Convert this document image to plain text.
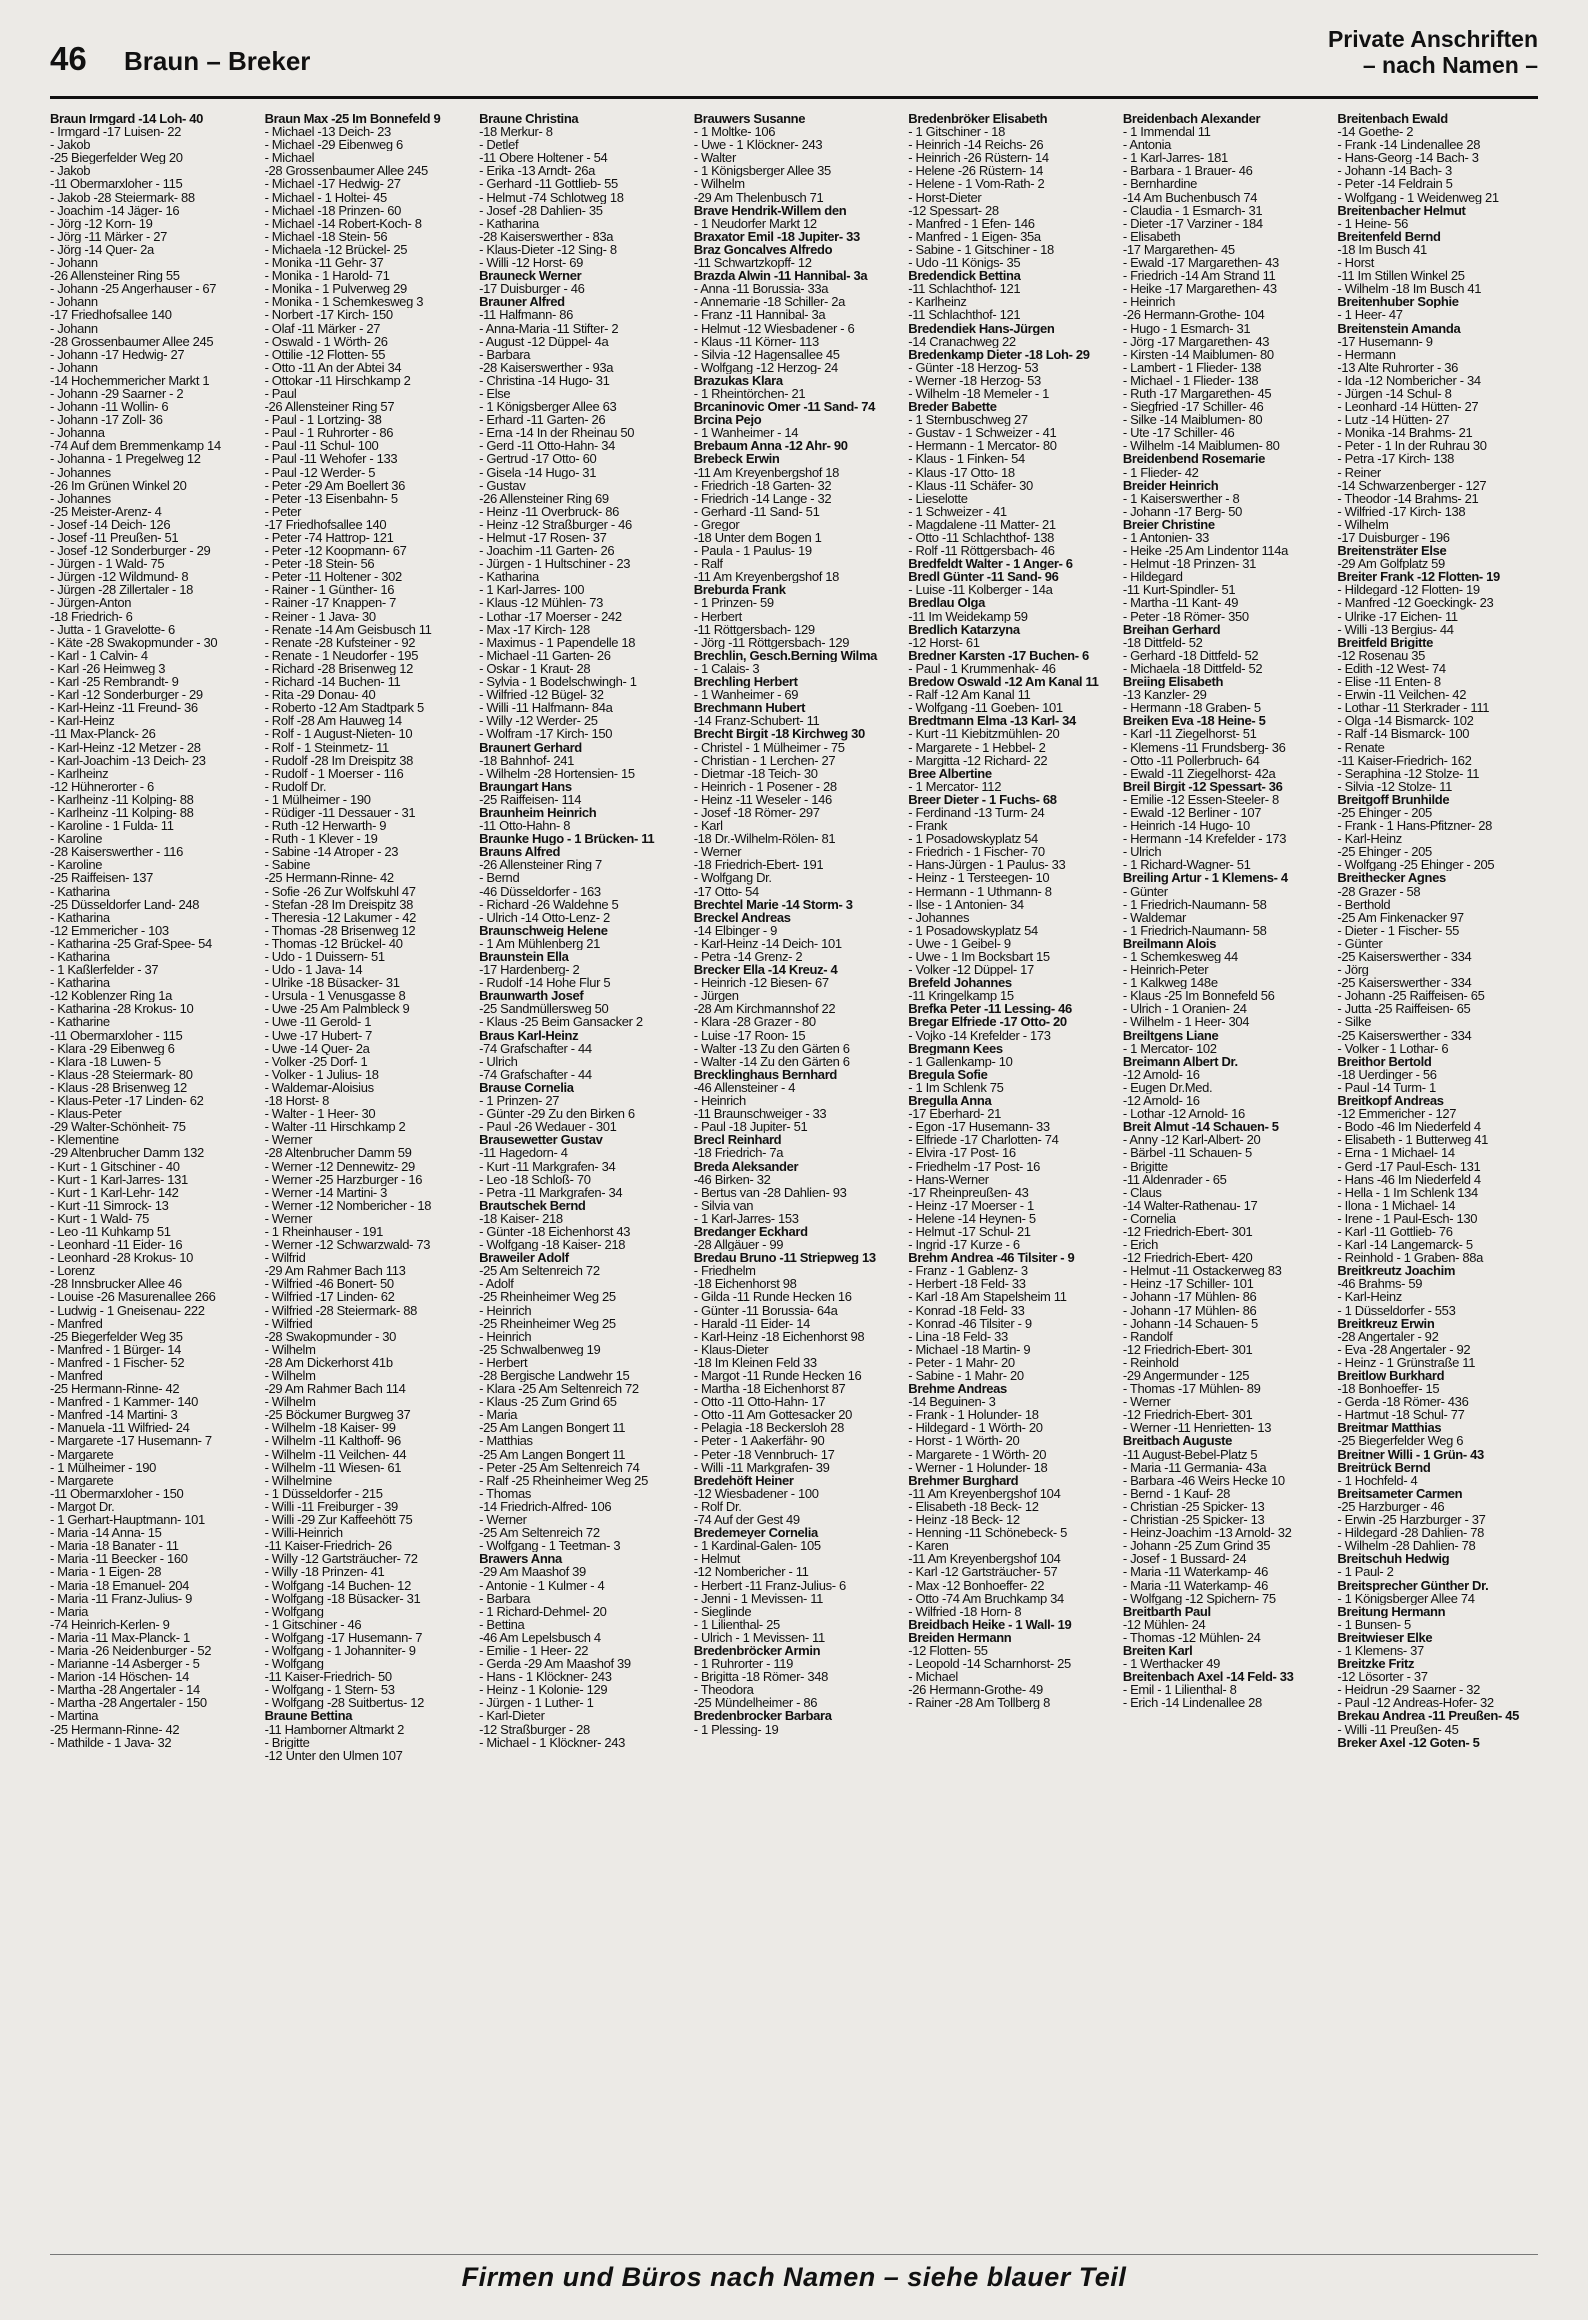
46 Braun – Breker
Private Anschriften
– nach Namen –
Braun Irmgard -14 Loh- 40
- Irmgard -17 Luisen- 22
- Jakob
-25 Biegerfelder Weg 20
- Jakob
-11 Obermarxloher - 115
- Jakob -28 Steiermark- 88
- Joachim -14 Jäger- 16
- Jörg -12 Korn- 19
- Jörg -11 Märker - 27
- Jörg -14 Quer- 2a
- Johann
-26 Allensteiner Ring 55
- Johann -25 Angerhauser - 67
- Johann
-17 Friedhofsallee 140
- Johann
-28 Grossenbaumer Allee 245
- Johann -17 Hedwig- 27
- Johann
-14 Hochemmericher Markt 1
- Johann -29 Saarner - 2
- Johann -11 Wollin- 6
- Johann -17 Zoll- 36
- Johanna
-74 Auf dem Bremmenkamp 14
- Johanna - 1 Pregelweg 12
- Johannes
-26 Im Grünen Winkel 20
- Johannes
-25 Meister-Arenz- 4
- Josef -14 Deich- 126
- Josef -11 Preußen- 51
- Josef -12 Sonderburger - 29
- Jürgen - 1 Wald- 75
- Jürgen -12 Wildmund- 8
- Jürgen -28 Zillertaler - 18
- Jürgen-Anton
-18 Friedrich- 6
- Jutta - 1 Gravelotte- 6
- Käte -28 Swakopmunder - 30
- Karl - 1 Calvin- 4
- Karl -26 Heimweg 3
- Karl -25 Rembrandt- 9
- Karl -12 Sonderburger - 29
- Karl-Heinz -11 Freund- 36
- Karl-Heinz
-11 Max-Planck- 26
- Karl-Heinz -12 Metzer - 28
- Karl-Joachim -13 Deich- 23
- Karlheinz
-12 Hühnerorter - 6
- Karlheinz -11 Kolping- 88
- Karlheinz -11 Kolping- 88
- Karoline - 1 Fulda- 11
- Karoline
-28 Kaiserswerther - 116
- Karoline
-25 Raiffeisen- 137
- Katharina
-25 Düsseldorfer Land- 248
- Katharina
-12 Emmericher - 103
- Katharina -25 Graf-Spee- 54
- Katharina
- 1 Kaßlerfelder - 37
- Katharina
-12 Koblenzer Ring 1a
- Katharina -28 Krokus- 10
- Katharine
-11 Obermarxloher - 115
- Klara -29 Eibenweg 6
- Klara -18 Luwen- 5
- Klaus -28 Steiermark- 80
- Klaus -28 Brisenweg 12
- Klaus-Peter -17 Linden- 62
- Klaus-Peter
-29 Walter-Schönheit- 75
- Klementine
-29 Altenbrucher Damm 132
- Kurt - 1 Gitschiner - 40
- Kurt - 1 Karl-Jarres- 131
- Kurt - 1 Karl-Lehr- 142
- Kurt -11 Simrock- 13
- Kurt - 1 Wald- 75
- Leo -11 Kuhkamp 51
- Leonhard -11 Eider- 16
- Leonhard -28 Krokus- 10
- Lorenz
-28 Innsbrucker Allee 46
- Louise -26 Masurenallee 266
- Ludwig - 1 Gneisenau- 222
- Manfred
-25 Biegerfelder Weg 35
- Manfred - 1 Bürger- 14
- Manfred - 1 Fischer- 52
- Manfred
-25 Hermann-Rinne- 42
- Manfred - 1 Kammer- 140
- Manfred -14 Martini- 3
- Manuela -11 Wilfried- 24
- Margarete -17 Husemann- 7
- Margarete
- 1 Mülheimer - 190
- Margarete
-11 Obermarxloher - 150
- Margot Dr.
- 1 Gerhart-Hauptmann- 101
- Maria -14 Anna- 15
- Maria -18 Banater - 11
- Maria -11 Beecker - 160
- Maria - 1 Eigen- 28
- Maria -18 Emanuel- 204
- Maria -11 Franz-Julius- 9
- Maria
-74 Heinrich-Kerlen- 9
- Maria -11 Max-Planck- 1
- Maria -26 Neidenburger - 52
- Marianne -14 Asberger - 5
- Marion -14 Höschen- 14
- Martha -28 Angertaler - 14
- Martha -28 Angertaler - 150
- Martina
-25 Hermann-Rinne- 42
- Mathilde - 1 Java- 32
Braun Max -25 Im Bonnefeld 9
- Michael -13 Deich- 23
- Michael -29 Eibenweg 6
- Michael
-28 Grossenbaumer Allee 245
- Michael -17 Hedwig- 27
- Michael - 1 Holtei- 45
- Michael -18 Prinzen- 60
- Michael -14 Robert-Koch- 8
- Michael -18 Stein- 56
- Michaela -12 Brückel- 25
- Monika -11 Gehr- 37
- Monika - 1 Harold- 71
- Monika - 1 Pulverweg 29
- Monika - 1 Schemkesweg 3
- Norbert -17 Kirch- 150
- Olaf -11 Märker - 27
- Oswald - 1 Wörth- 26
- Ottilie -12 Flotten- 55
- Otto -11 An der Abtei 34
- Ottokar -11 Hirschkamp 2
- Paul
-26 Allensteiner Ring 57
- Paul - 1 Lortzing- 38
- Paul - 1 Ruhrorter - 86
- Paul -11 Schul- 100
- Paul -11 Wehofer - 133
- Paul -12 Werder- 5
- Peter -29 Am Boellert 36
- Peter -13 Eisenbahn- 5
- Peter
-17 Friedhofsallee 140
- Peter -74 Hattrop- 121
- Peter -12 Koopmann- 67
- Peter -18 Stein- 56
- Peter -11 Holtener - 302
- Rainer - 1 Günther- 16
- Rainer -17 Knappen- 7
- Reiner - 1 Java- 30
- Renate -14 Am Geisbusch 11
- Renate -28 Kufsteiner - 92
- Renate - 1 Neudorfer - 195
- Richard -28 Brisenweg 12
- Richard -14 Buchen- 11
- Rita -29 Donau- 40
- Roberto -12 Am Stadtpark 5
- Rolf -28 Am Hauweg 14
- Rolf - 1 August-Nieten- 10
- Rolf - 1 Steinmetz- 11
- Rudolf -28 Im Dreispitz 38
- Rudolf - 1 Moerser - 116
- Rudolf Dr.
- 1 Mülheimer - 190
- Rüdiger -11 Dessauer - 31
- Ruth -12 Herwarth- 9
- Ruth - 1 Klever - 19
- Sabine -14 Atroper - 23
- Sabine
-25 Hermann-Rinne- 42
- Sofie -26 Zur Wolfskuhl 47
- Stefan -28 Im Dreispitz 38
- Theresia -12 Lakumer - 42
- Thomas -28 Brisenweg 12
- Thomas -12 Brückel- 40
- Udo - 1 Duissern- 51
- Udo - 1 Java- 14
- Ulrike -18 Büsacker- 31
- Ursula - 1 Venusgasse 8
- Uwe -25 Am Palmbleck 9
- Uwe -11 Gerold- 1
- Uwe -17 Hubert- 7
- Uwe -14 Quer- 2a
- Volker -25 Dorf- 1
- Volker - 1 Julius- 18
- Waldemar-Aloisius
-18 Horst- 8
- Walter - 1 Heer- 30
- Walter -11 Hirschkamp 2
- Werner
-28 Altenbrucher Damm 59
- Werner -12 Dennewitz- 29
- Werner -25 Harzburger - 16
- Werner -14 Martini- 3
- Werner -12 Nombericher - 18
- Werner
- 1 Rheinhauser - 191
- Werner -12 Schwarzwald- 73
- Wilfrid
-29 Am Rahmer Bach 113
- Wilfried -46 Bonert- 50
- Wilfried -17 Linden- 62
- Wilfried -28 Steiermark- 88
- Wilfried
-28 Swakopmunder - 30
- Wilhelm
-28 Am Dickerhorst 41b
- Wilhelm
-29 Am Rahmer Bach 114
- Wilhelm
-25 Böckumer Burgweg 37
- Wilhelm -18 Kaiser- 99
- Wilhelm -11 Kalthoff- 96
- Wilhelm -11 Veilchen- 44
- Wilhelm -11 Wiesen- 61
- Wilhelmine
- 1 Düsseldorfer - 215
- Willi -11 Freiburger - 39
- Willi -29 Zur Kaffeehött 75
- Willi-Heinrich
-11 Kaiser-Friedrich- 26
- Willy -12 Gartsträucher- 72
- Willy -18 Prinzen- 41
- Wolfgang -14 Buchen- 12
- Wolfgang -18 Büsacker- 31
- Wolfgang
- 1 Gitschiner - 46
- Wolfgang -17 Husemann- 7
- Wolfgang - 1 Johanniter- 9
- Wolfgang
-11 Kaiser-Friedrich- 50
- Wolfgang - 1 Stern- 53
- Wolfgang -28 Suitbertus- 12
Braune Bettina
-11 Hamborner Altmarkt 2
- Brigitte
-12 Unter den Ulmen 107
Braune Christina
-18 Merkur- 8
- Detlef
-11 Obere Holtener - 54
- Erika -13 Arndt- 26a
- Gerhard -11 Gottlieb- 55
- Helmut -74 Schlotweg 18
- Josef -28 Dahlien- 35
- Katharina
-28 Kaiserswerther - 83a
- Klaus-Dieter -12 Sing- 8
- Willi -12 Horst- 69
Brauneck Werner
-17 Duisburger - 46
Brauner Alfred
-11 Halfmann- 86
- Anna-Maria -11 Stifter- 2
- August -12 Düppel- 4a
- Barbara
-28 Kaiserswerther - 93a
- Christina -14 Hugo- 31
- Else
- 1 Königsberger Allee 63
- Erhard -11 Garten- 26
- Erna -14 In der Rheinau 50
- Gerd -11 Otto-Hahn- 34
- Gertrud -17 Otto- 60
- Gisela -14 Hugo- 31
- Gustav
-26 Allensteiner Ring 69
- Heinz -11 Overbruck- 86
- Heinz -12 Straßburger - 46
- Helmut -17 Rosen- 37
- Joachim -11 Garten- 26
- Jürgen - 1 Hultschiner - 23
- Katharina
- 1 Karl-Jarres- 100
- Klaus -12 Mühlen- 73
- Lothar -17 Moerser - 242
- Max -17 Kirch- 128
- Maximus - 1 Papendelle 18
- Michael -11 Garten- 26
- Oskar - 1 Kraut- 28
- Sylvia - 1 Bodelschwingh- 1
- Wilfried -12 Bügel- 32
- Willi -11 Halfmann- 84a
- Willy -12 Werder- 25
- Wolfram -17 Kirch- 150
Braunert Gerhard
-18 Bahnhof- 241
- Wilhelm -28 Hortensien- 15
Braungart Hans
-25 Raiffeisen- 114
Braunheim Heinrich
-11 Otto-Hahn- 8
Braunke Hugo - 1 Brücken- 11
Brauns Alfred
-26 Allensteiner Ring 7
- Bernd
-46 Düsseldorfer - 163
- Richard -26 Waldehne 5
- Ulrich -14 Otto-Lenz- 2
Braunschweig Helene
- 1 Am Mühlenberg 21
Braunstein Ella
-17 Hardenberg- 2
- Rudolf -14 Hohe Flur 5
Braunwarth Josef
-25 Sandmüllersweg 50
- Klaus -25 Beim Gansacker 2
Braus Karl-Heinz
-74 Grafschafter - 44
- Ulrich
-74 Grafschafter - 44
Brause Cornelia
- 1 Prinzen- 27
- Günter -29 Zu den Birken 6
- Paul -26 Wedauer - 301
Brausewetter Gustav
-11 Hagedorn- 4
- Kurt -11 Markgrafen- 34
- Leo -18 Schloß- 70
- Petra -11 Markgrafen- 34
Brautschek Bernd
-18 Kaiser- 218
- Günter -18 Eichenhorst 43
- Wolfgang -18 Kaiser- 218
Braweiler Adolf
-25 Am Seltenreich 72
- Adolf
-25 Rheinheimer Weg 25
- Heinrich
-25 Rheinheimer Weg 25
- Heinrich
-25 Schwalbenweg 19
- Herbert
-28 Bergische Landwehr 15
- Klara -25 Am Seltenreich 72
- Klaus -25 Zum Grind 65
- Maria
-25 Am Langen Bongert 11
- Matthias
-25 Am Langen Bongert 11
- Peter -25 Am Seltenreich 74
- Ralf -25 Rheinheimer Weg 25
- Thomas
-14 Friedrich-Alfred- 106
- Werner
-25 Am Seltenreich 72
- Wolfgang - 1 Teetman- 3
Brawers Anna
-29 Am Maashof 39
- Antonie - 1 Kulmer - 4
- Barbara
- 1 Richard-Dehmel- 20
- Bettina
-46 Am Lepelsbusch 4
- Emilie - 1 Heer- 22
- Gerda -29 Am Maashof 39
- Hans - 1 Klöckner- 243
- Heinz - 1 Kolonie- 129
- Jürgen - 1 Luther- 1
- Karl-Dieter
-12 Straßburger - 28
- Michael - 1 Klöckner- 243
Brauwers Susanne
- 1 Moltke- 106
- Uwe - 1 Klöckner- 243
- Walter
- 1 Königsberger Allee 35
- Wilhelm
-29 Am Thelenbusch 71
Brave Hendrik-Willem den
- 1 Neudorfer Markt 12
Braxator Emil -18 Jupiter- 33
Braz Goncalves Alfredo
-11 Schwartzkopff- 12
Brazda Alwin -11 Hannibal- 3a
- Anna -11 Borussia- 33a
- Annemarie -18 Schiller- 2a
- Franz -11 Hannibal- 3a
- Helmut -12 Wiesbadener - 6
- Klaus -11 Körner- 113
- Silvia -12 Hagensallee 45
- Wolfgang -12 Herzog- 24
Brazukas Klara
- 1 Rheintörchen- 21
Brcaninovic Omer -11 Sand- 74
Brcina Pejo
- 1 Wanheimer - 14
Brebaum Anna -12 Ahr- 90
Brebeck Erwin
-11 Am Kreyenbergshof 18
- Friedrich -18 Garten- 32
- Friedrich -14 Lange - 32
- Gerhard -11 Sand- 51
- Gregor
-18 Unter dem Bogen 1
- Paula - 1 Paulus- 19
- Ralf
-11 Am Kreyenbergshof 18
Breburda Frank
- 1 Prinzen- 59
- Herbert
-11 Röttgersbach- 129
- Jörg -11 Röttgersbach- 129
Brechlin, Gesch.Berning Wilma
- 1 Calais- 3
Brechling Herbert
- 1 Wanheimer - 69
Brechmann Hubert
-14 Franz-Schubert- 11
Brecht Birgit -18 Kirchweg 30
- Christel - 1 Mülheimer - 75
- Christian - 1 Lerchen- 27
- Dietmar -18 Teich- 30
- Heinrich - 1 Posener - 28
- Heinz -11 Weseler - 146
- Josef -18 Römer- 297
- Karl
-18 Dr.-Wilhelm-Rölen- 81
- Werner
-18 Friedrich-Ebert- 191
- Wolfgang Dr.
-17 Otto- 54
Brechtel Marie -14 Storm- 3
Breckel Andreas
-14 Elbinger - 9
- Karl-Heinz -14 Deich- 101
- Petra -14 Grenz- 2
Brecker Ella -14 Kreuz- 4
- Heinrich -12 Biesen- 67
- Jürgen
-28 Am Kirchmannshof 22
- Klara -28 Grazer - 80
- Luise -17 Roon- 15
- Walter -13 Zu den Gärten 6
- Walter -14 Zu den Gärten 6
Brecklinghaus Bernhard
-46 Allensteiner - 4
- Heinrich
-11 Braunschweiger - 33
- Paul -18 Jupiter- 51
Brecl Reinhard
-18 Friedrich- 7a
Breda Aleksander
-46 Birken- 32
- Bertus van -28 Dahlien- 93
- Silvia van
- 1 Karl-Jarres- 153
Bredanger Eckhard
-28 Allgäuer - 99
Bredau Bruno -11 Striepweg 13
- Friedhelm
-18 Eichenhorst 98
- Gilda -11 Runde Hecken 16
- Günter -11 Borussia- 64a
- Harald -11 Eider- 14
- Karl-Heinz -18 Eichenhorst 98
- Klaus-Dieter
-18 Im Kleinen Feld 33
- Margot -11 Runde Hecken 16
- Martha -18 Eichenhorst 87
- Otto -11 Otto-Hahn- 17
- Otto -11 Am Gottesacker 20
- Pelagia -18 Beckersloh 28
- Peter - 1 Aakerfähr- 90
- Peter -18 Vennbruch- 17
- Willi -11 Markgrafen- 39
Bredehöft Heiner
-12 Wiesbadener - 100
- Rolf Dr.
-74 Auf der Gest 49
Bredemeyer Cornelia
- 1 Kardinal-Galen- 105
- Helmut
-12 Nombericher - 11
- Herbert -11 Franz-Julius- 6
- Jenni - 1 Mevissen- 11
- Sieglinde
- 1 Lilienthal- 25
- Ulrich - 1 Mevissen- 11
Bredenbröcker Armin
- 1 Ruhrorter - 119
- Brigitta -18 Römer- 348
- Theodora
-25 Mündelheimer - 86
Bredenbrocker Barbara
- 1 Plessing- 19
Bredenbröker Elisabeth
- 1 Gitschiner - 18
- Heinrich -14 Reichs- 26
- Heinrich -26 Rüstern- 14
- Helene -26 Rüstern- 14
- Helene - 1 Vom-Rath- 2
- Horst-Dieter
-12 Spessart- 28
- Manfred - 1 Efen- 146
- Manfred - 1 Eigen- 35a
- Sabine - 1 Gitschiner - 18
- Udo -11 Königs- 35
Bredendick Bettina
-11 Schlachthof- 121
- Karlheinz
-11 Schlachthof- 121
Bredendiek Hans-Jürgen
-14 Cranachweg 22
Bredenkamp Dieter -18 Loh- 29
- Günter -18 Herzog- 53
- Werner -18 Herzog- 53
- Wilhelm -18 Memeler - 1
Breder Babette
- 1 Sternbuschweg 27
- Gustav - 1 Schweizer - 41
- Hermann - 1 Mercator- 80
- Klaus - 1 Finken- 54
- Klaus -17 Otto- 18
- Klaus -11 Schäfer- 30
- Lieselotte
- 1 Schweizer - 41
- Magdalene -11 Matter- 21
- Otto -11 Schlachthof- 138
- Rolf -11 Röttgersbach- 46
Bredfeldt Walter - 1 Anger- 6
Bredl Günter -11 Sand- 96
- Luise -11 Kolberger - 14a
Bredlau Olga
-11 Im Weidekamp 59
Bredlich Katarzyna
-12 Horst- 61
Bredner Karsten -17 Buchen- 6
- Paul - 1 Krummenhak- 46
Bredow Oswald -12 Am Kanal 11
- Ralf -12 Am Kanal 11
- Wolfgang -11 Goeben- 101
Bredtmann Elma -13 Karl- 34
- Kurt -11 Kiebitzmühlen- 20
- Margarete - 1 Hebbel- 2
- Margitta -12 Richard- 22
Bree Albertine
- 1 Mercator- 112
Breer Dieter - 1 Fuchs- 68
- Ferdinand -13 Turm- 24
- Frank
- 1 Posadowskyplatz 54
- Friedrich - 1 Fischer- 70
- Hans-Jürgen - 1 Paulus- 33
- Heinz - 1 Tersteegen- 10
- Hermann - 1 Uthmann- 8
- Ilse - 1 Antonien- 34
- Johannes
- 1 Posadowskyplatz 54
- Uwe - 1 Geibel- 9
- Uwe - 1 Im Bocksbart 15
- Volker -12 Düppel- 17
Brefeld Johannes
-11 Kringelkamp 15
Brefka Peter -11 Lessing- 46
Bregar Elfriede -17 Otto- 20
- Vojko -14 Krefelder - 173
Bregmann Kees
- 1 Gallenkamp- 10
Bregula Sofie
- 1 Im Schlenk 75
Bregulla Anna
-17 Eberhard- 21
- Egon -17 Husemann- 33
- Elfriede -17 Charlotten- 74
- Elvira -17 Post- 16
- Friedhelm -17 Post- 16
- Hans-Werner
-17 Rheinpreußen- 43
- Heinz -17 Moerser - 1
- Helene -14 Heynen- 5
- Helmut -17 Schul- 21
- Ingrid -17 Kurze - 6
Brehm Andrea -46 Tilsiter - 9
- Franz - 1 Gablenz- 3
- Herbert -18 Feld- 33
- Karl -18 Am Stapelsheim 11
- Konrad -18 Feld- 33
- Konrad -46 Tilsiter - 9
- Lina -18 Feld- 33
- Michael -18 Martin- 9
- Peter - 1 Mahr- 20
- Sabine - 1 Mahr- 20
Brehme Andreas
-14 Beguinen- 3
- Frank - 1 Holunder- 18
- Hildegard - 1 Wörth- 20
- Horst - 1 Wörth- 20
- Margarete - 1 Wörth- 20
- Werner - 1 Holunder- 18
Brehmer Burghard
-11 Am Kreyenbergshof 104
- Elisabeth -18 Beck- 12
- Heinz -18 Beck- 12
- Henning -11 Schönebeck- 5
- Karen
-11 Am Kreyenbergshof 104
- Karl -12 Gartsträucher- 57
- Max -12 Bonhoeffer- 22
- Otto -74 Am Bruchkamp 34
- Wilfried -18 Horn- 8
Breidbach Heike - 1 Wall- 19
Breiden Hermann
-12 Flotten- 55
- Leopold -14 Scharnhorst- 25
- Michael
-26 Hermann-Grothe- 49
- Rainer -28 Am Tollberg 8
Breidenbach Alexander
- 1 Immendal 11
- Antonia
- 1 Karl-Jarres- 181
- Barbara - 1 Brauer- 46
- Bernhardine
-14 Am Buchenbusch 74
- Claudia - 1 Esmarch- 31
- Dieter -17 Varziner - 184
- Elisabeth
-17 Margarethen- 45
- Ewald -17 Margarethen- 43
- Friedrich -14 Am Strand 11
- Heike -17 Margarethen- 43
- Heinrich
-26 Hermann-Grothe- 104
- Hugo - 1 Esmarch- 31
- Jörg -17 Margarethen- 43
- Kirsten -14 Maiblumen- 80
- Lambert - 1 Flieder- 138
- Michael - 1 Flieder- 138
- Ruth -17 Margarethen- 45
- Siegfried -17 Schiller- 46
- Silke -14 Maiblumen- 80
- Ute -17 Schiller- 46
- Wilhelm -14 Maiblumen- 80
Breidenbend Rosemarie
- 1 Flieder- 42
Breider Heinrich
- 1 Kaiserswerther - 8
- Johann -17 Berg- 50
Breier Christine
- 1 Antonien- 33
- Heike -25 Am Lindentor 114a
- Helmut -18 Prinzen- 31
- Hildegard
-11 Kurt-Spindler- 51
- Martha -11 Kant- 49
- Peter -18 Römer- 350
Breihan Gerhard
-18 Dittfeld- 52
- Gerhard -18 Dittfeld- 52
- Michaela -18 Dittfeld- 52
Breiing Elisabeth
-13 Kanzler- 29
- Hermann -18 Graben- 5
Breiken Eva -18 Heine- 5
- Karl -11 Ziegelhorst- 51
- Klemens -11 Frundsberg- 36
- Otto -11 Pollerbruch- 64
- Ewald -11 Ziegelhorst- 42a
Breil Birgit -12 Spessart- 36
- Emilie -12 Essen-Steeler- 8
- Ewald -12 Berliner - 107
- Heinrich -14 Hugo- 10
- Hermann -14 Krefelder - 173
- Ulrich
- 1 Richard-Wagner- 51
Breiling Artur - 1 Klemens- 4
- Günter
- 1 Friedrich-Naumann- 58
- Waldemar
- 1 Friedrich-Naumann- 58
Breilmann Alois
- 1 Schemkesweg 44
- Heinrich-Peter
- 1 Kalkweg 148e
- Klaus -25 Im Bonnefeld 56
- Ulrich - 1 Oranien- 24
- Wilhelm - 1 Heer- 304
Breiltgens Liane
- 1 Mercator- 102
Breimann Albert Dr.
-12 Arnold- 16
- Eugen Dr.Med.
-12 Arnold- 16
- Lothar -12 Arnold- 16
Breit Almut -14 Schauen- 5
- Anny -12 Karl-Albert- 20
- Bärbel -11 Schauen- 5
- Brigitte
-11 Aldenrader - 65
- Claus
-14 Walter-Rathenau- 17
- Cornelia
-12 Friedrich-Ebert- 301
- Erich
-12 Friedrich-Ebert- 420
- Helmut -11 Ostackerweg 83
- Heinz -17 Schiller- 101
- Johann -17 Mühlen- 86
- Johann -17 Mühlen- 86
- Johann -14 Schauen- 5
- Randolf
-12 Friedrich-Ebert- 301
- Reinhold
-29 Angermunder - 125
- Thomas -17 Mühlen- 89
- Werner
-12 Friedrich-Ebert- 301
- Werner -11 Henrietten- 13
Breitbach Auguste
-11 August-Bebel-Platz 5
- Maria -11 Germania- 43a
- Barbara -46 Weirs Hecke 10
- Bernd - 1 Kauf- 28
- Christian -25 Spicker- 13
- Christian -25 Spicker- 13
- Heinz-Joachim -13 Arnold- 32
- Johann -25 Zum Grind 35
- Josef - 1 Bussard- 24
- Maria -11 Waterkamp- 46
- Maria -11 Waterkamp- 46
- Wolfgang -12 Spichern- 75
Breitbarth Paul
-12 Mühlen- 24
- Thomas -12 Mühlen- 24
Breiten Karl
- 1 Werthacker 49
Breitenbach Axel -14 Feld- 33
- Emil - 1 Lilienthal- 8
- Erich -14 Lindenallee 28
Breitenbach Ewald
-14 Goethe- 2
- Frank -14 Lindenallee 28
- Hans-Georg -14 Bach- 3
- Johann -14 Bach- 3
- Peter -14 Feldrain 5
- Wolfgang - 1 Weidenweg 21
Breitenbacher Helmut
- 1 Heine- 56
Breitenfeld Bernd
-18 Im Busch 41
- Horst
-11 Im Stillen Winkel 25
- Wilhelm -18 Im Busch 41
Breitenhuber Sophie
- 1 Heer- 47
Breitenstein Amanda
-17 Husemann- 9
- Hermann
-13 Alte Ruhrorter - 36
- Ida -12 Nombericher - 34
- Jürgen -14 Schul- 8
- Leonhard -14 Hütten- 27
- Lutz -14 Hütten- 27
- Monika -14 Brahms- 21
- Peter - 1 In der Ruhrau 30
- Petra -17 Kirch- 138
- Reiner
-14 Schwarzenberger - 127
- Theodor -14 Brahms- 21
- Wilfried -17 Kirch- 138
- Wilhelm
-17 Duisburger - 196
Breitensträter Else
-29 Am Golfplatz 59
Breiter Frank -12 Flotten- 19
- Hildegard -12 Flotten- 19
- Manfred -12 Goeckingk- 23
- Ulrike -17 Eichen- 11
- Willi -13 Bergius- 44
Breitfeld Brigitte
-12 Rosenau 35
- Edith -12 West- 74
- Elise -11 Enten- 8
- Erwin -11 Veilchen- 42
- Lothar -11 Sterkrader - 111
- Olga -14 Bismarck- 102
- Ralf -14 Bismarck- 100
- Renate
-11 Kaiser-Friedrich- 162
- Seraphina -12 Stolze- 11
- Silvia -12 Stolze- 11
Breitgoff Brunhilde
-25 Ehinger - 205
- Frank - 1 Hans-Pfitzner- 28
- Karl-Heinz
-25 Ehinger - 205
- Wolfgang -25 Ehinger - 205
Breithecker Agnes
-28 Grazer - 58
- Berthold
-25 Am Finkenacker 97
- Dieter - 1 Fischer- 55
- Günter
-25 Kaiserswerther - 334
- Jörg
-25 Kaiserswerther - 334
- Johann -25 Raiffeisen- 65
- Jutta -25 Raiffeisen- 65
- Silke
-25 Kaiserswerther - 334
- Volker - 1 Lothar- 6
Breithor Bertold
-18 Uerdinger - 56
- Paul -14 Turm- 1
Breitkopf Andreas
-12 Emmericher - 127
- Bodo -46 Im Niederfeld 4
- Elisabeth - 1 Butterweg 41
- Erna - 1 Michael- 14
- Gerd -17 Paul-Esch- 131
- Hans -46 Im Niederfeld 4
- Hella - 1 Im Schlenk 134
- Ilona - 1 Michael- 14
- Irene - 1 Paul-Esch- 130
- Karl -11 Gottlieb- 76
- Karl -14 Langemarck- 5
- Reinhold - 1 Graben- 88a
Breitkreutz Joachim
-46 Brahms- 59
- Karl-Heinz
- 1 Düsseldorfer - 553
Breitkreuz Erwin
-28 Angertaler - 92
- Eva -28 Angertaler - 92
- Heinz - 1 Grünstraße 11
Breitlow Burkhard
-18 Bonhoeffer- 15
- Gerda -18 Römer- 436
- Hartmut -18 Schul- 77
Breitmar Matthias
-25 Biegerfelder Weg 6
Breitner Willi - 1 Grün- 43
Breitrück Bernd
- 1 Hochfeld- 4
Breitsameter Carmen
-25 Harzburger - 46
- Erwin -25 Harzburger - 37
- Hildegard -28 Dahlien- 78
- Wilhelm -28 Dahlien- 78
Breitschuh Hedwig
- 1 Paul- 2
Breitsprecher Günther Dr.
- 1 Königsberger Allee 74
Breitung Hermann
- 1 Bunsen- 5
Breitwieser Elke
- 1 Klemens- 37
Breitzke Fritz
-12 Lösorter - 37
- Heidrun -29 Saarner - 32
- Paul -12 Andreas-Hofer- 32
Brekau Andrea -11 Preußen- 45
- Willi -11 Preußen- 45
Breker Axel -12 Goten- 5
Firmen und Büros nach Namen – siehe blauer Teil
